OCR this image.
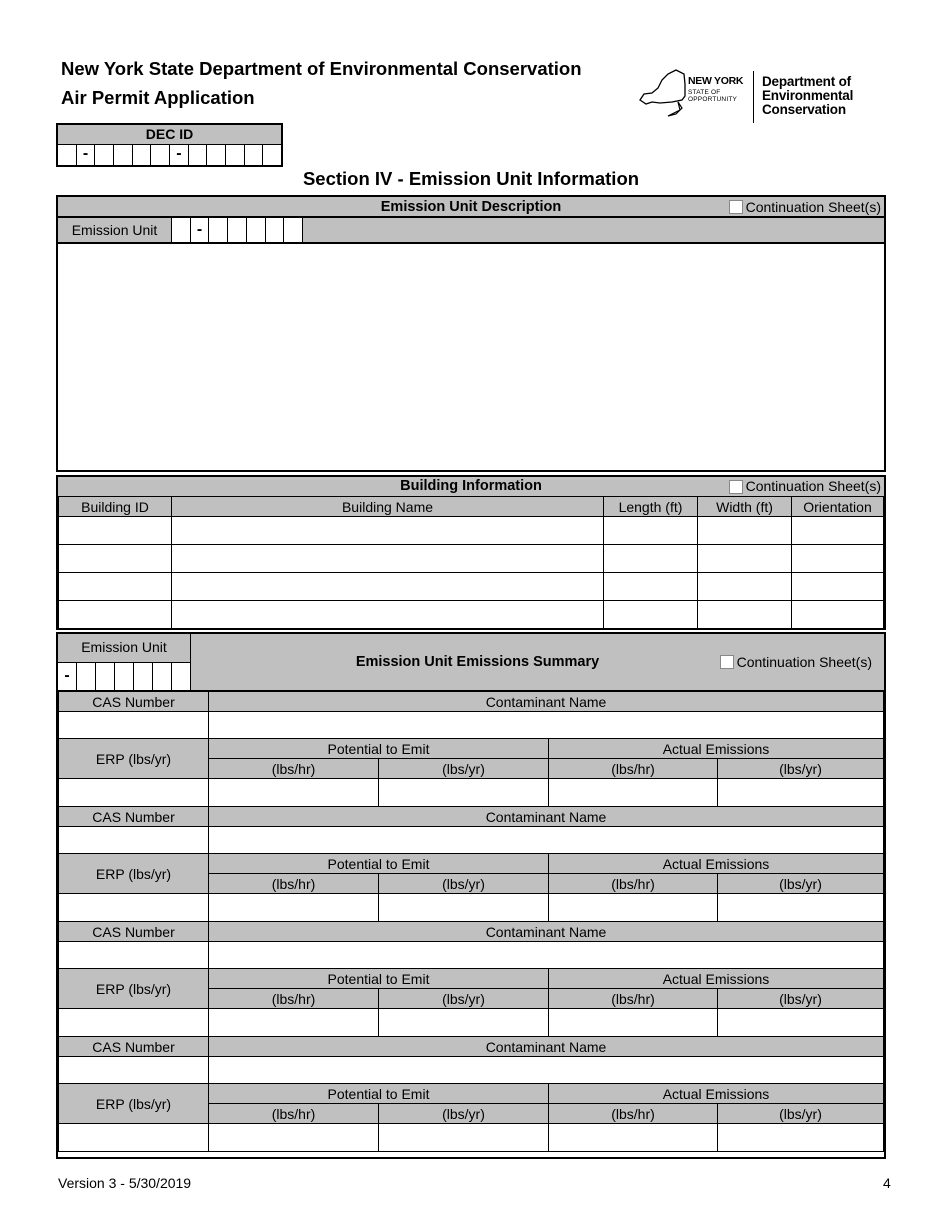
New York State Department of Environmental Conservation
Air Permit Application
NEW YORK
STATE OF
OPPORTUNITY
Department of
Environmental
Conservation
DEC ID
-	-
Section IV - Emission Unit Information
Emission Unit Description	Continuation Sheet(s)
Emission Unit	-
Building Information	Continuation Sheet(s)
Building ID	Building Name	Length (ft)	Width (ft)	Orientation

Emission Unit
-
Emission Unit Emissions Summary	Continuation Sheet(s)
CAS Number	Contaminant Name			

ERP (lbs/yr)	Potential to Emit		Actual Emissions	
	(lbs/hr)	(lbs/yr)	(lbs/hr)	(lbs/yr)

CAS Number	Contaminant Name			

ERP (lbs/yr)	Potential to Emit		Actual Emissions	
	(lbs/hr)	(lbs/yr)	(lbs/hr)	(lbs/yr)

CAS Number	Contaminant Name			

ERP (lbs/yr)	Potential to Emit		Actual Emissions	
	(lbs/hr)	(lbs/yr)	(lbs/hr)	(lbs/yr)

CAS Number	Contaminant Name			

ERP (lbs/yr)	Potential to Emit		Actual Emissions	
	(lbs/hr)	(lbs/yr)	(lbs/hr)	(lbs/yr)

Version 3 - 5/30/2019	4
